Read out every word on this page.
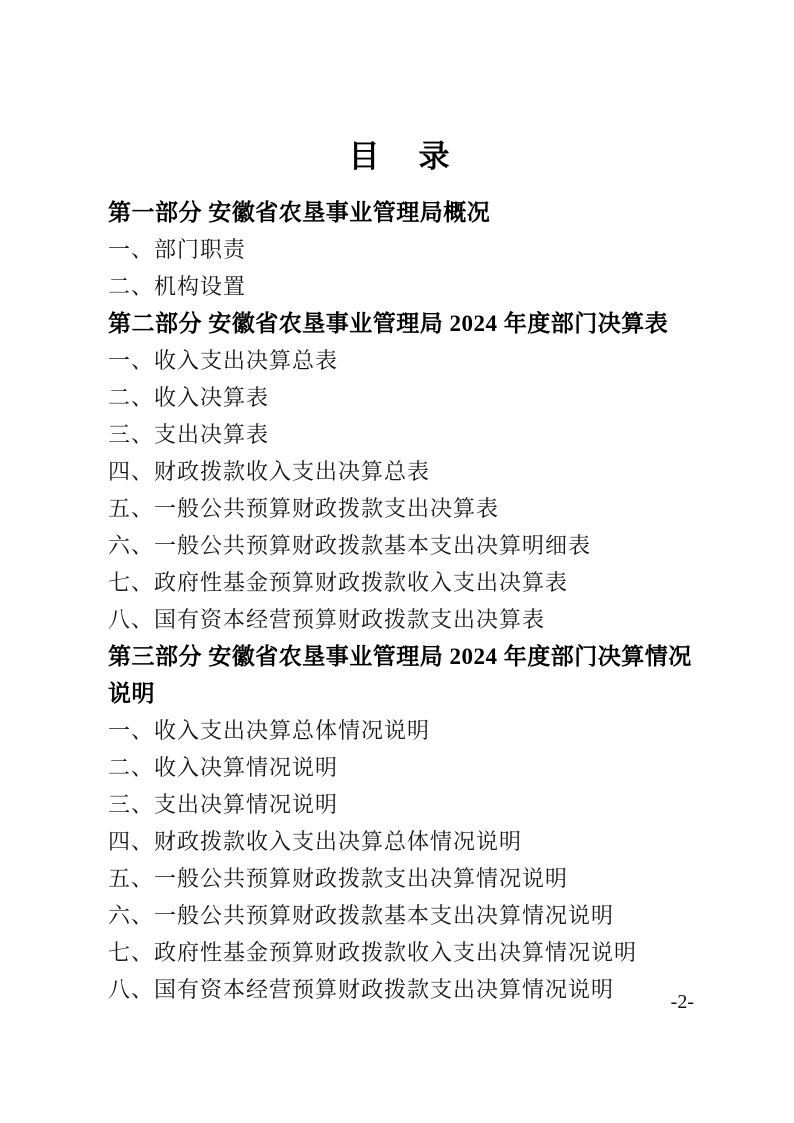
目　录
第一部分 安徽省农垦事业管理局概况
一、部门职责
二、机构设置
第二部分 安徽省农垦事业管理局 2024 年度部门决算表
一、收入支出决算总表
二、收入决算表
三、支出决算表
四、财政拨款收入支出决算总表
五、一般公共预算财政拨款支出决算表
六、一般公共预算财政拨款基本支出决算明细表
七、政府性基金预算财政拨款收入支出决算表
八、国有资本经营预算财政拨款支出决算表
第三部分 安徽省农垦事业管理局 2024 年度部门决算情况说明
一、收入支出决算总体情况说明
二、收入决算情况说明
三、支出决算情况说明
四、财政拨款收入支出决算总体情况说明
五、一般公共预算财政拨款支出决算情况说明
六、一般公共预算财政拨款基本支出决算情况说明
七、政府性基金预算财政拨款收入支出决算情况说明
八、国有资本经营预算财政拨款支出决算情况说明	-2-
